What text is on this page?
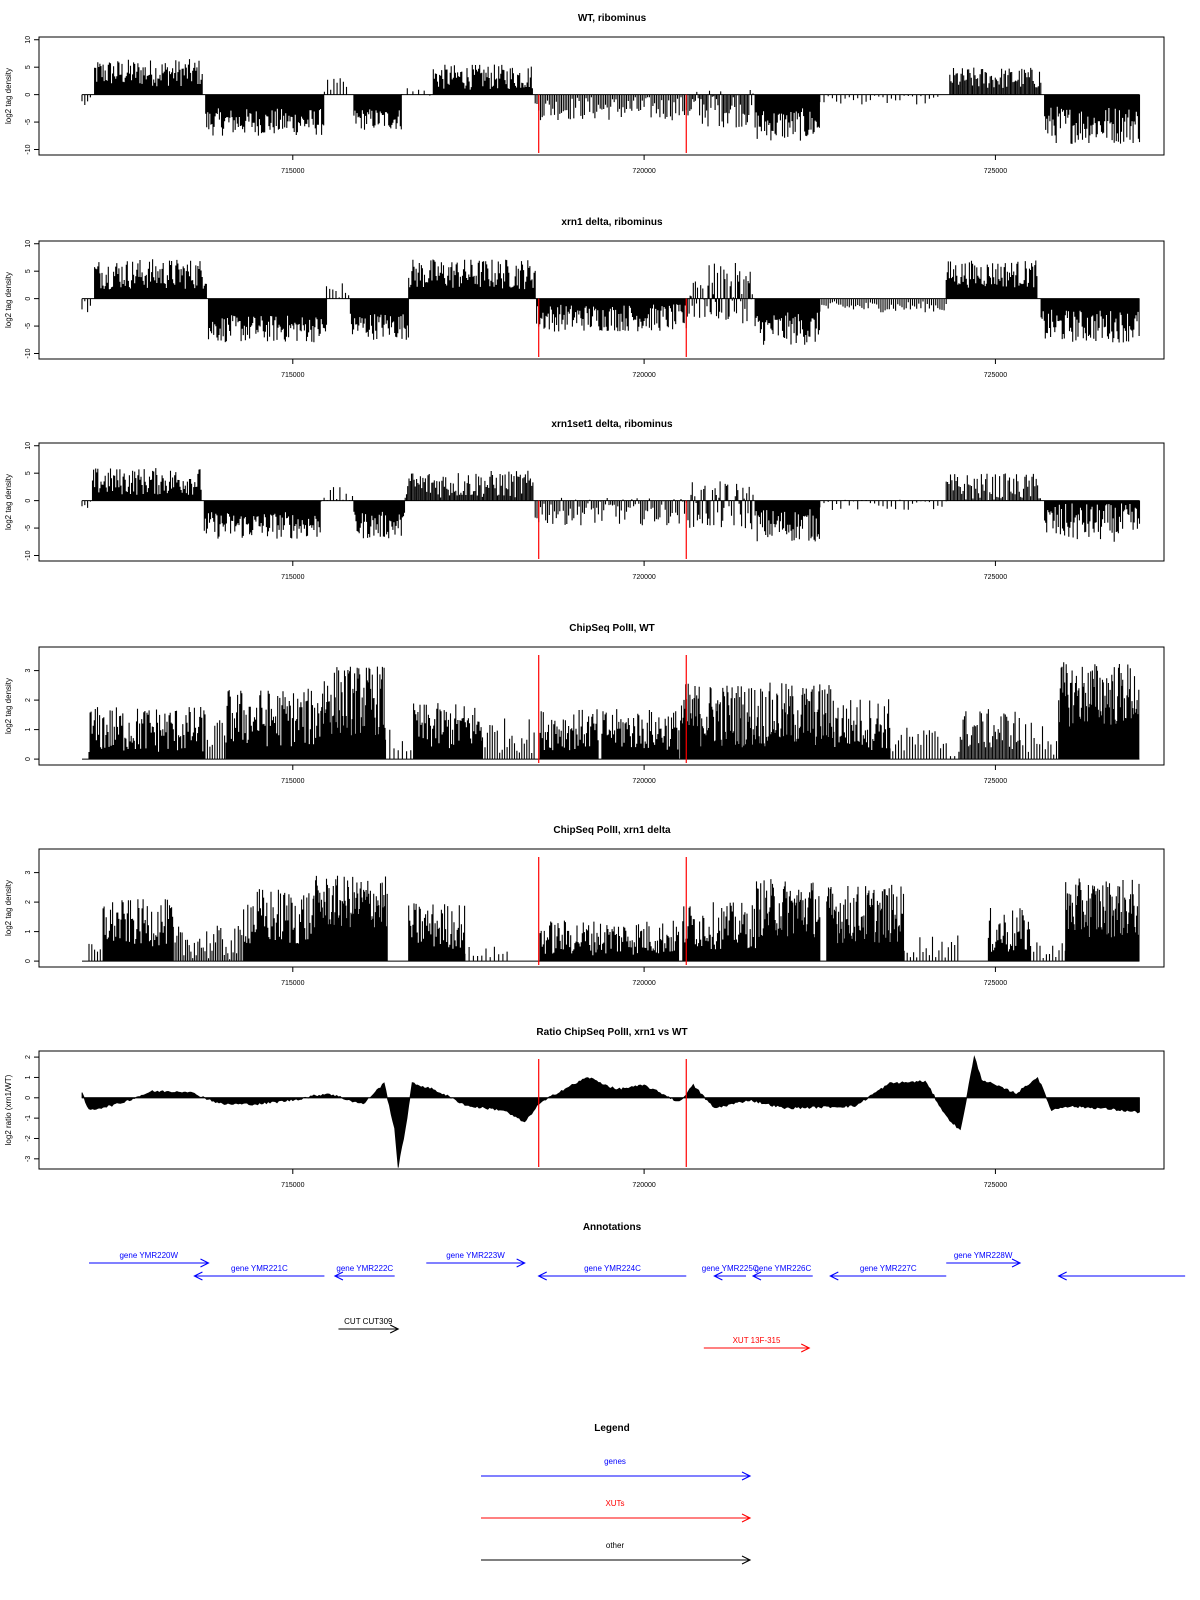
WT, ribominus
log2 tag density
10
5
0
-5
-10
715000	720000	725000
xrn1 delta, ribominus
log2 tag density
10
5
0
-5
-10
715000	720000	725000
xrn1set1 delta, ribominus
log2 tag density
10
5
0
-5
-10
715000	720000	725000
ChipSeq PolII, WT
log2 tag density
0
1
2
3
715000	720000	725000
ChipSeq PolII, xrn1 delta
log2 tag density
0
1
2
3
715000	720000	725000
Ratio ChipSeq PolII, xrn1 vs WT
log2 ratio (xrn1/WT)
2
1
0
-1
-2
-3
715000	720000	725000
Annotations
gene YMR220W
gene YMR221C	gene YMR222C
gene YMR223W
gene YMR224C	gene YMR225C
gene YMR226C	gene YMR227C
gene YMR228W
CUT CUT309
XUT 13F-315
Legend
genes
XUTs
other
